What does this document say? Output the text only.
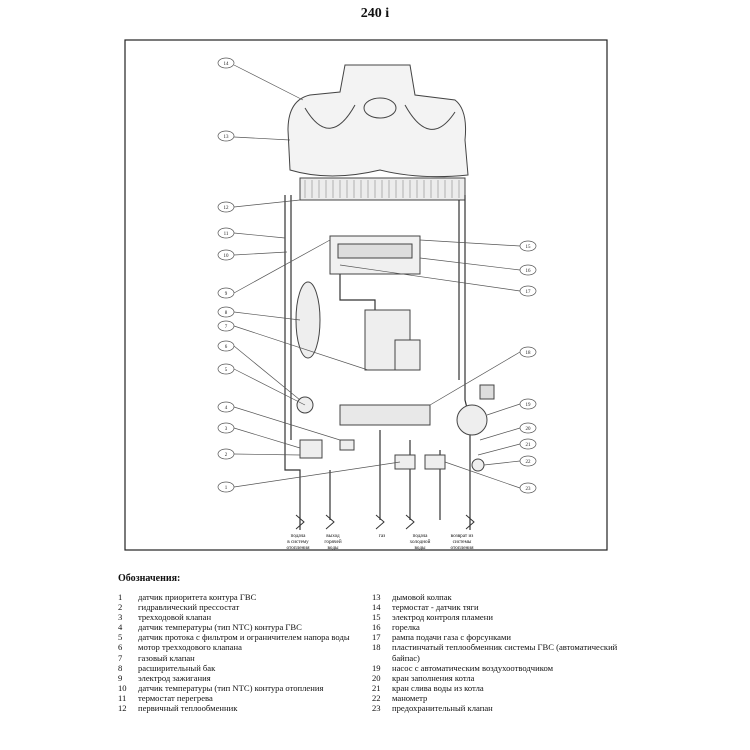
240 i
14
13
12
11
10
9
8
7
6
5
4
3
2
1
15
16
17
18
19
20
21
22
23
подача в систему отопления
выход горячей воды
газ	подача холодной воды
возврат из системы отопления
Обозначения:
1	датчик приоритета контура ГВС
2	гидравлический прессостат
3	трехходовой клапан
4	датчик температуры (тип NTC) контура ГВС
5	датчик протока с фильтром и ограничителем напора воды
6	мотор трехходового клапана
7	газовый клапан
8	расширительный бак
9	электрод зажигания
10	датчик температуры (тип NTC) контура отопления
11	термостат перегрева
12	первичный теплообменник
13	дымовой колпак
14	термостат - датчик тяги
15	электрод контроля пламени
16	горелка
17	рампа подачи газа с форсунками
18	пластинчатый теплообменник системы ГВС (автоматический байпас)
19	насос с автоматическим воздухоотводчиком
20	кран заполнения котла
21	кран слива воды из котла
22	манометр
23	предохранительный клапан
